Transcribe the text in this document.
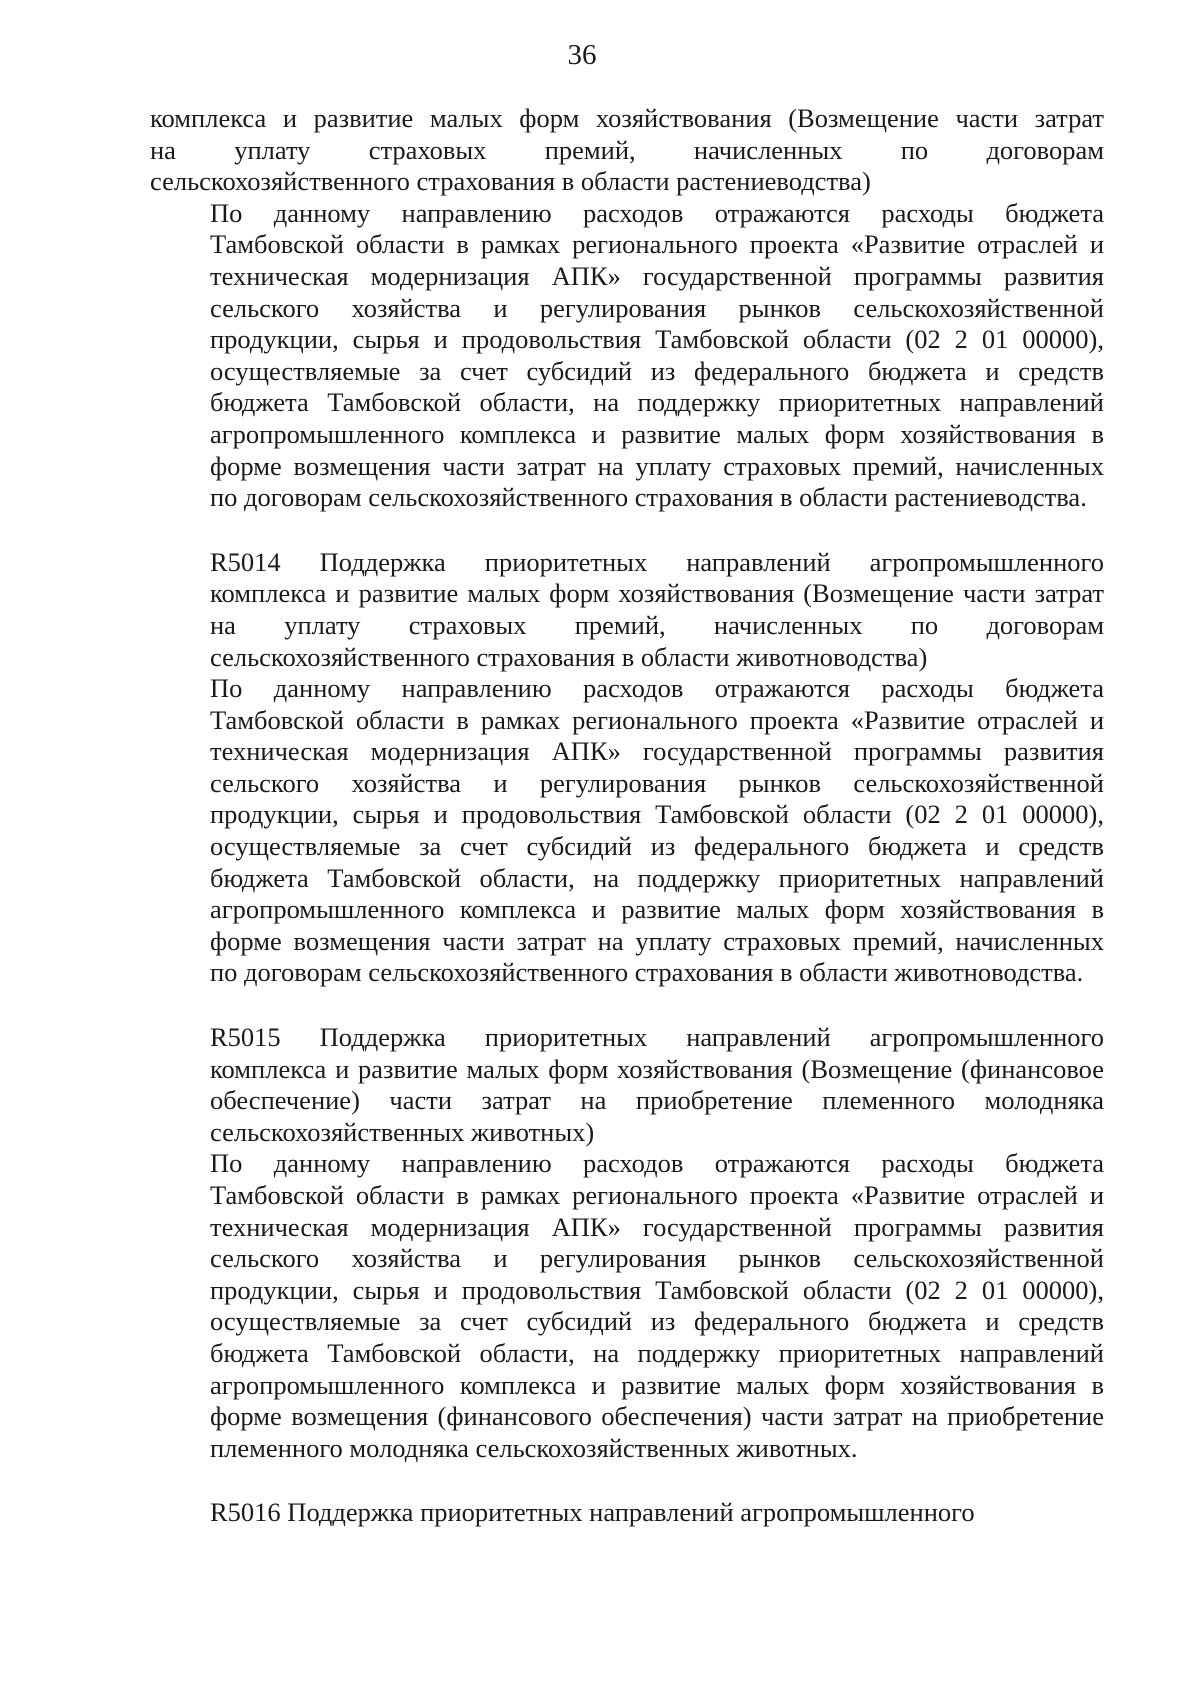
36
комплекса и развитие малых форм хозяйствования (Возмещение части затрат
на уплату страховых премий, начисленных по договорам
сельскохозяйственного страхования в области растениеводства)
По данному направлению расходов отражаются расходы бюджета
Тамбовской области в рамках регионального проекта «Развитие отраслей и
техническая модернизация АПК» государственной программы развития
сельского хозяйства и регулирования рынков сельскохозяйственной
продукции, сырья и продовольствия Тамбовской области (02 2 01 00000),
осуществляемые за счет субсидий из федерального бюджета и средств
бюджета Тамбовской области, на поддержку приоритетных направлений
агропромышленного комплекса и развитие малых форм хозяйствования в
форме возмещения части затрат на уплату страховых премий, начисленных
по договорам сельскохозяйственного страхования в области растениеводства.
R5014 Поддержка приоритетных направлений агропромышленного
комплекса и развитие малых форм хозяйствования (Возмещение части затрат
на уплату страховых премий, начисленных по договорам
сельскохозяйственного страхования в области животноводства)
По данному направлению расходов отражаются расходы бюджета
Тамбовской области в рамках регионального проекта «Развитие отраслей и
техническая модернизация АПК» государственной программы развития
сельского хозяйства и регулирования рынков сельскохозяйственной
продукции, сырья и продовольствия Тамбовской области (02 2 01 00000),
осуществляемые за счет субсидий из федерального бюджета и средств
бюджета Тамбовской области, на поддержку приоритетных направлений
агропромышленного комплекса и развитие малых форм хозяйствования в
форме возмещения части затрат на уплату страховых премий, начисленных
по договорам сельскохозяйственного страхования в области животноводства.
R5015 Поддержка приоритетных направлений агропромышленного
комплекса и развитие малых форм хозяйствования (Возмещение (финансовое
обеспечение) части затрат на приобретение племенного молодняка
сельскохозяйственных животных)
По данному направлению расходов отражаются расходы бюджета
Тамбовской области в рамках регионального проекта «Развитие отраслей и
техническая модернизация АПК» государственной программы развития
сельского хозяйства и регулирования рынков сельскохозяйственной
продукции, сырья и продовольствия Тамбовской области (02 2 01 00000),
осуществляемые за счет субсидий из федерального бюджета и средств
бюджета Тамбовской области, на поддержку приоритетных направлений
агропромышленного комплекса и развитие малых форм хозяйствования в
форме возмещения (финансового обеспечения) части затрат на приобретение
племенного молодняка сельскохозяйственных животных.
R5016 Поддержка приоритетных направлений агропромышленного
